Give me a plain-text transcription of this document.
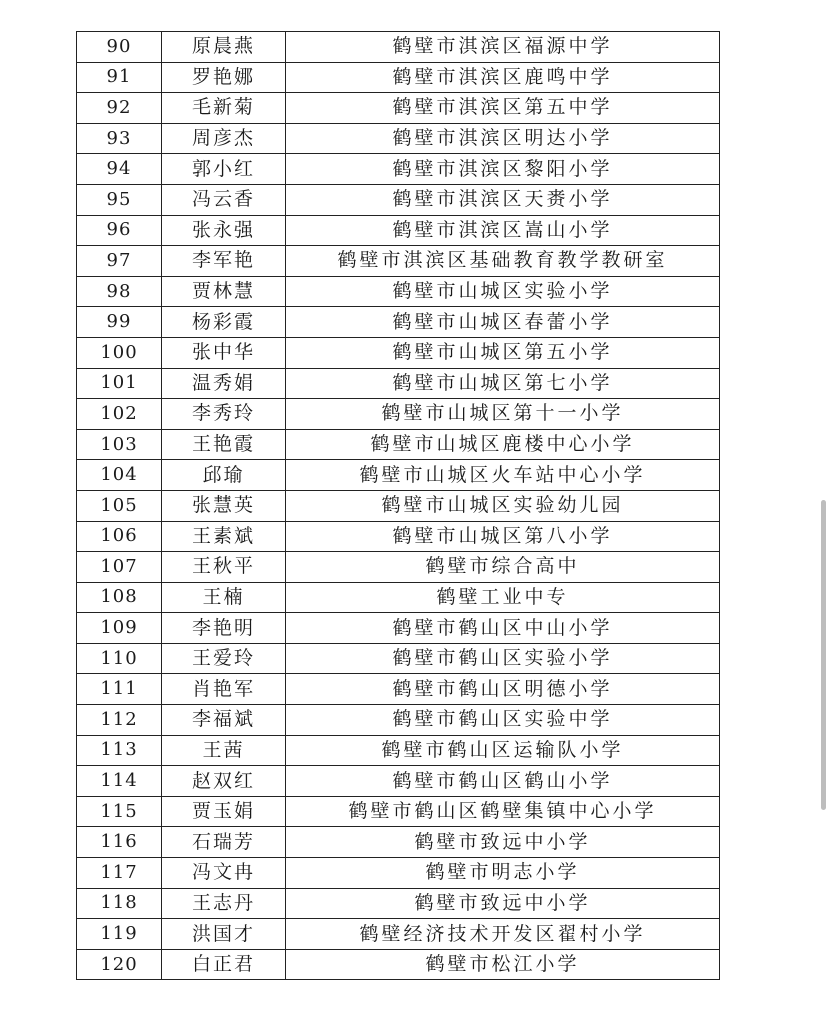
90	原晨燕	鹤壁市淇滨区福源中学
91	罗艳娜	鹤壁市淇滨区鹿鸣中学
92	毛新菊	鹤壁市淇滨区第五中学
93	周彦杰	鹤壁市淇滨区明达小学
94	郭小红	鹤壁市淇滨区黎阳小学
95	冯云香	鹤壁市淇滨区天赉小学
96	张永强	鹤壁市淇滨区嵩山小学
97	李军艳	鹤壁市淇滨区基础教育教学教研室
98	贾林慧	鹤壁市山城区实验小学
99	杨彩霞	鹤壁市山城区春蕾小学
100	张中华	鹤壁市山城区第五小学
101	温秀娟	鹤壁市山城区第七小学
102	李秀玲	鹤壁市山城区第十一小学
103	王艳霞	鹤壁市山城区鹿楼中心小学
104	邱瑜	鹤壁市山城区火车站中心小学
105	张慧英	鹤壁市山城区实验幼儿园
106	王素斌	鹤壁市山城区第八小学
107	王秋平	鹤壁市综合高中
108	王楠	鹤壁工业中专
109	李艳明	鹤壁市鹤山区中山小学
110	王爱玲	鹤壁市鹤山区实验小学
111	肖艳军	鹤壁市鹤山区明德小学
112	李福斌	鹤壁市鹤山区实验中学
113	王茜	鹤壁市鹤山区运输队小学
114	赵双红	鹤壁市鹤山区鹤山小学
115	贾玉娟	鹤壁市鹤山区鹤壁集镇中心小学
116	石瑞芳	鹤壁市致远中小学
117	冯文冉	鹤壁市明志小学
118	王志丹	鹤壁市致远中小学
119	洪国才	鹤壁经济技术开发区翟村小学
120	白正君	鹤壁市松江小学
